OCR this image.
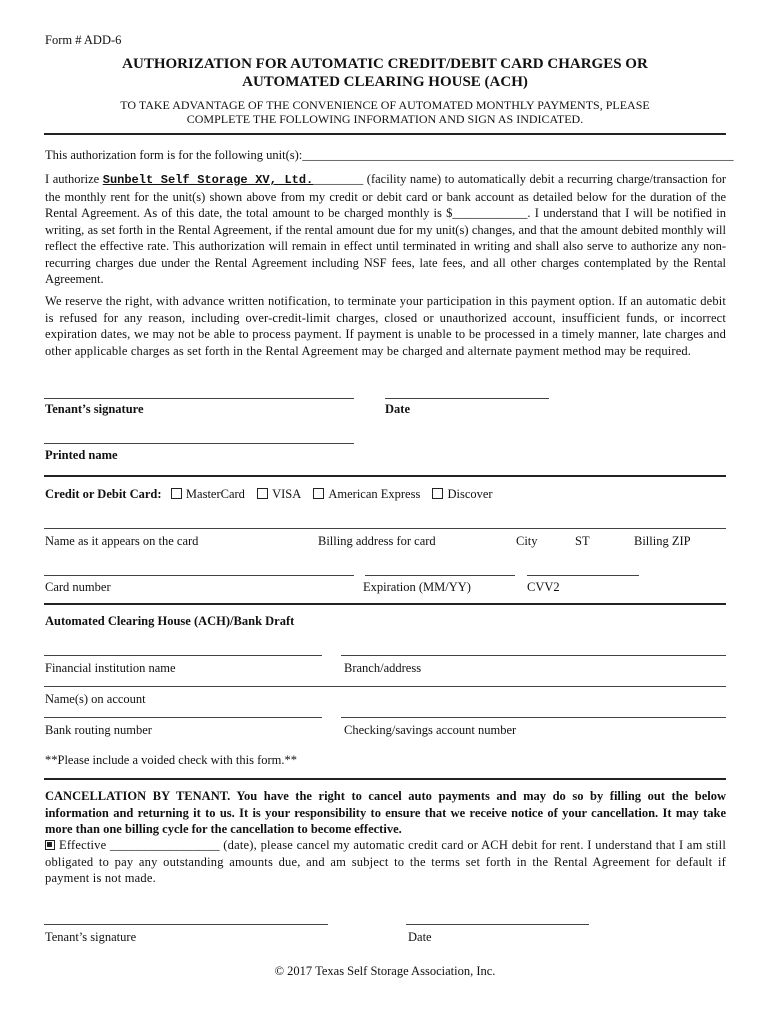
Form # ADD-6
AUTHORIZATION FOR AUTOMATIC CREDIT/DEBIT CARD CHARGES OR
AUTOMATED CLEARING HOUSE (ACH)
TO TAKE ADVANTAGE OF THE CONVENIENCE OF AUTOMATED MONTHLY PAYMENTS, PLEASE
COMPLETE THE FOLLOWING INFORMATION AND SIGN AS INDICATED.
This authorization form is for the following unit(s):_____________________________________________________________________
I authorize Sunbelt Self Storage XV, Ltd.________ (facility name) to automatically debit a recurring charge/transaction for the monthly rent for the unit(s) shown above from my credit or debit card or bank account as detailed below for the duration of the Rental Agreement. As of this date, the total amount to be charged monthly is $____________. I understand that I will be notified in writing, as set forth in the Rental Agreement, if the rental amount due for my unit(s) changes, and that the amount debited monthly will reflect the effective rate. This authorization will remain in effect until terminated in writing and shall also serve to authorize any non-recurring charges due under the Rental Agreement including NSF fees, late fees, and all other charges contemplated by the Rental Agreement.
We reserve the right, with advance written notification, to terminate your participation in this payment option. If an automatic debit is refused for any reason, including over-credit-limit charges, closed or unauthorized account, insufficient funds, or incorrect expiration dates, we may not be able to process payment. If payment is unable to be processed in a timely manner, late charges and other applicable charges as set forth in the Rental Agreement may be charged and alternate payment method may be required.
Tenant’s signature	Date
Printed name
Credit or Debit Card: MasterCard VISA American Express Discover
Name as it appears on the card	Billing address for card	City	ST	Billing ZIP
Card number	Expiration (MM/YY)	CVV2
Automated Clearing House (ACH)/Bank Draft
Financial institution name	Branch/address
Name(s) on account
Bank routing number	Checking/savings account number
**Please include a voided check with this form.**
CANCELLATION BY TENANT. You have the right to cancel auto payments and may do so by filling out the below information and returning it to us. It is your responsibility to ensure that we receive notice of your cancellation. It may take more than one billing cycle for the cancellation to become effective.
Effective _________________ (date), please cancel my automatic credit card or ACH debit for rent. I understand that I am still obligated to pay any outstanding amounts due, and am subject to the terms set forth in the Rental Agreement for default if payment is not made.
Tenant’s signature	Date
© 2017 Texas Self Storage Association, Inc.
